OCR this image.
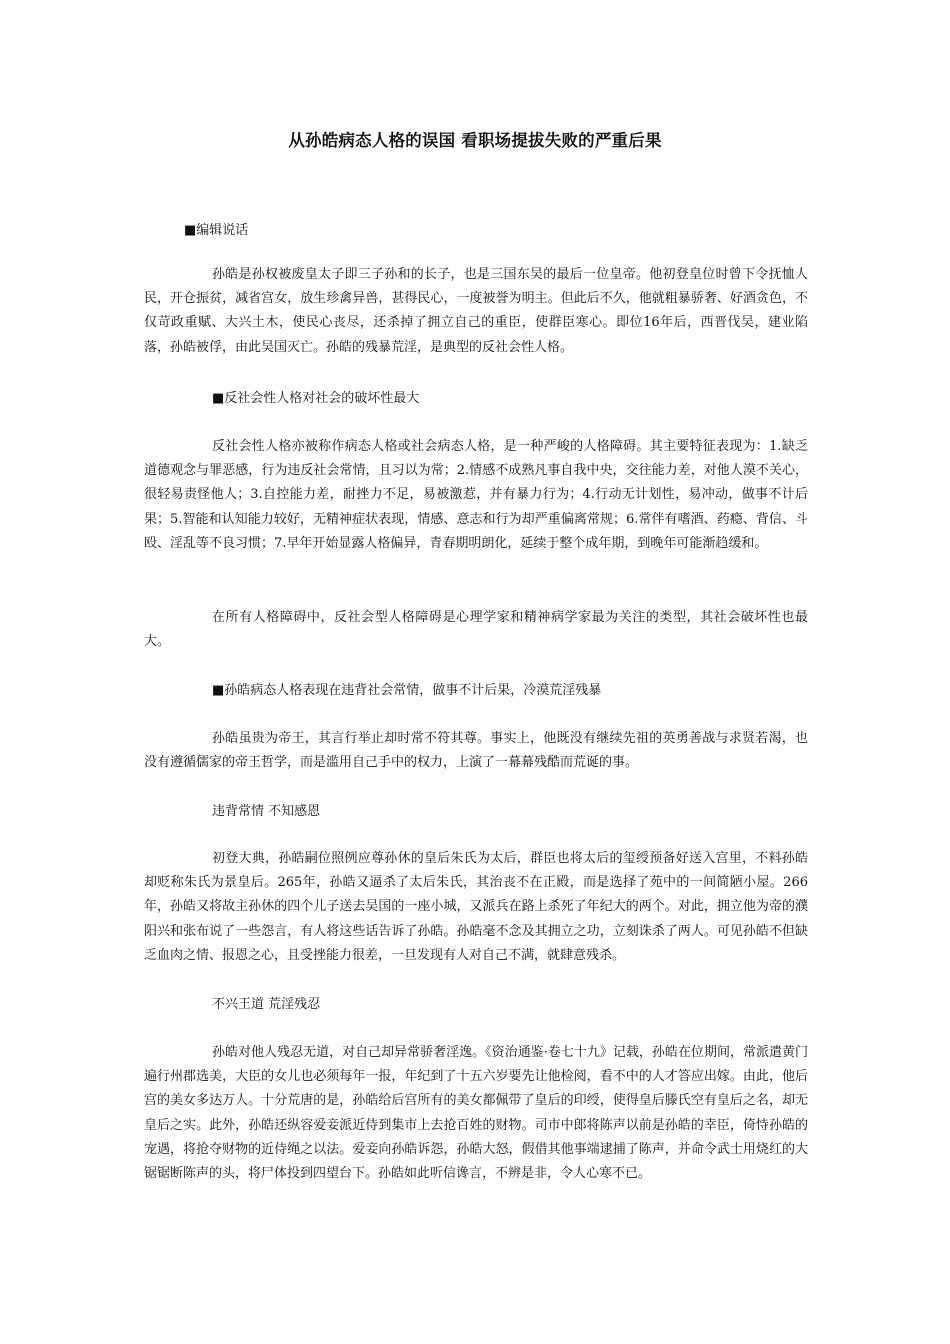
从孙皓病态人格的误国 看职场提拔失败的严重后果
■编辑说话
孙皓是孙权被废皇太子即三子孙和的长子，也是三国东吴的最后一位皇帝。他初登皇位时曾下令抚恤人民，开仓振贫，减省宫女，放生珍禽异兽，甚得民心，一度被誉为明主。但此后不久，他就粗暴骄奢、好酒贪色，不仅苛政重赋、大兴土木，使民心丧尽，还杀掉了拥立自己的重臣，使群臣寒心。即位16年后，西晋伐吴，建业陷落，孙皓被俘，由此吴国灭亡。孙皓的残暴荒淫，是典型的反社会性人格。
■反社会性人格对社会的破坏性最大
反社会性人格亦被称作病态人格或社会病态人格，是一种严峻的人格障碍。其主要特征表现为：1.缺乏道德观念与罪恶感，行为违反社会常情，且习以为常；2.情感不成熟凡事自我中央，交往能力差，对他人漠不关心，很轻易责怪他人；3.自控能力差，耐挫力不足，易被激惹，并有暴力行为；4.行动无计划性，易冲动，做事不计后果；5.智能和认知能力较好，无精神症状表现，情感、意志和行为却严重偏离常规；6.常伴有嗜酒、药瘾、背信、斗殴、淫乱等不良习惯；7.早年开始显露人格偏异，青春期明朗化，延续于整个成年期，到晚年可能渐趋缓和。
在所有人格障碍中，反社会型人格障碍是心理学家和精神病学家最为关注的类型，其社会破坏性也最大。
■孙皓病态人格表现在违背社会常情，做事不计后果，冷漠荒淫残暴
孙皓虽贵为帝王，其言行举止却时常不符其尊。事实上，他既没有继续先祖的英勇善战与求贤若渴，也没有遵循儒家的帝王哲学，而是滥用自己手中的权力，上演了一幕幕残酷而荒诞的事。
违背常情 不知感恩
初登大典，孙皓嗣位照例应尊孙休的皇后朱氏为太后，群臣也将太后的玺绶预备好送入宫里，不料孙皓却贬称朱氏为景皇后。265年，孙皓又逼杀了太后朱氏，其治丧不在正殿，而是选择了苑中的一间简陋小屋。266年，孙皓又将故主孙休的四个儿子送去吴国的一座小城，又派兵在路上杀死了年纪大的两个。对此，拥立他为帝的濮阳兴和张布说了一些怨言，有人将这些话告诉了孙皓。孙皓毫不念及其拥立之功，立刻诛杀了两人。可见孙皓不但缺乏血肉之情、报恩之心，且受挫能力很差，一旦发现有人对自己不满，就肆意残杀。
不兴王道 荒淫残忍
孙皓对他人残忍无道，对自己却异常骄奢淫逸。《资治通鉴·卷七十九》记载，孙皓在位期间，常派遣黄门遍行州郡选美，大臣的女儿也必须每年一报，年纪到了十五六岁要先让他检阅，看不中的人才答应出嫁。由此，他后宫的美女多达万人。十分荒唐的是，孙皓给后宫所有的美女都佩带了皇后的印绶，使得皇后滕氏空有皇后之名，却无皇后之实。此外，孙皓还纵容爱妾派近侍到集市上去抢百姓的财物。司市中郎将陈声以前是孙皓的幸臣，倚恃孙皓的宠遇，将抢夺财物的近侍绳之以法。爱妾向孙皓诉怨，孙皓大怒，假借其他事端逮捕了陈声，并命令武士用烧红的大锯锯断陈声的头，将尸体投到四望台下。孙皓如此听信谗言，不辨是非，令人心寒不已。
